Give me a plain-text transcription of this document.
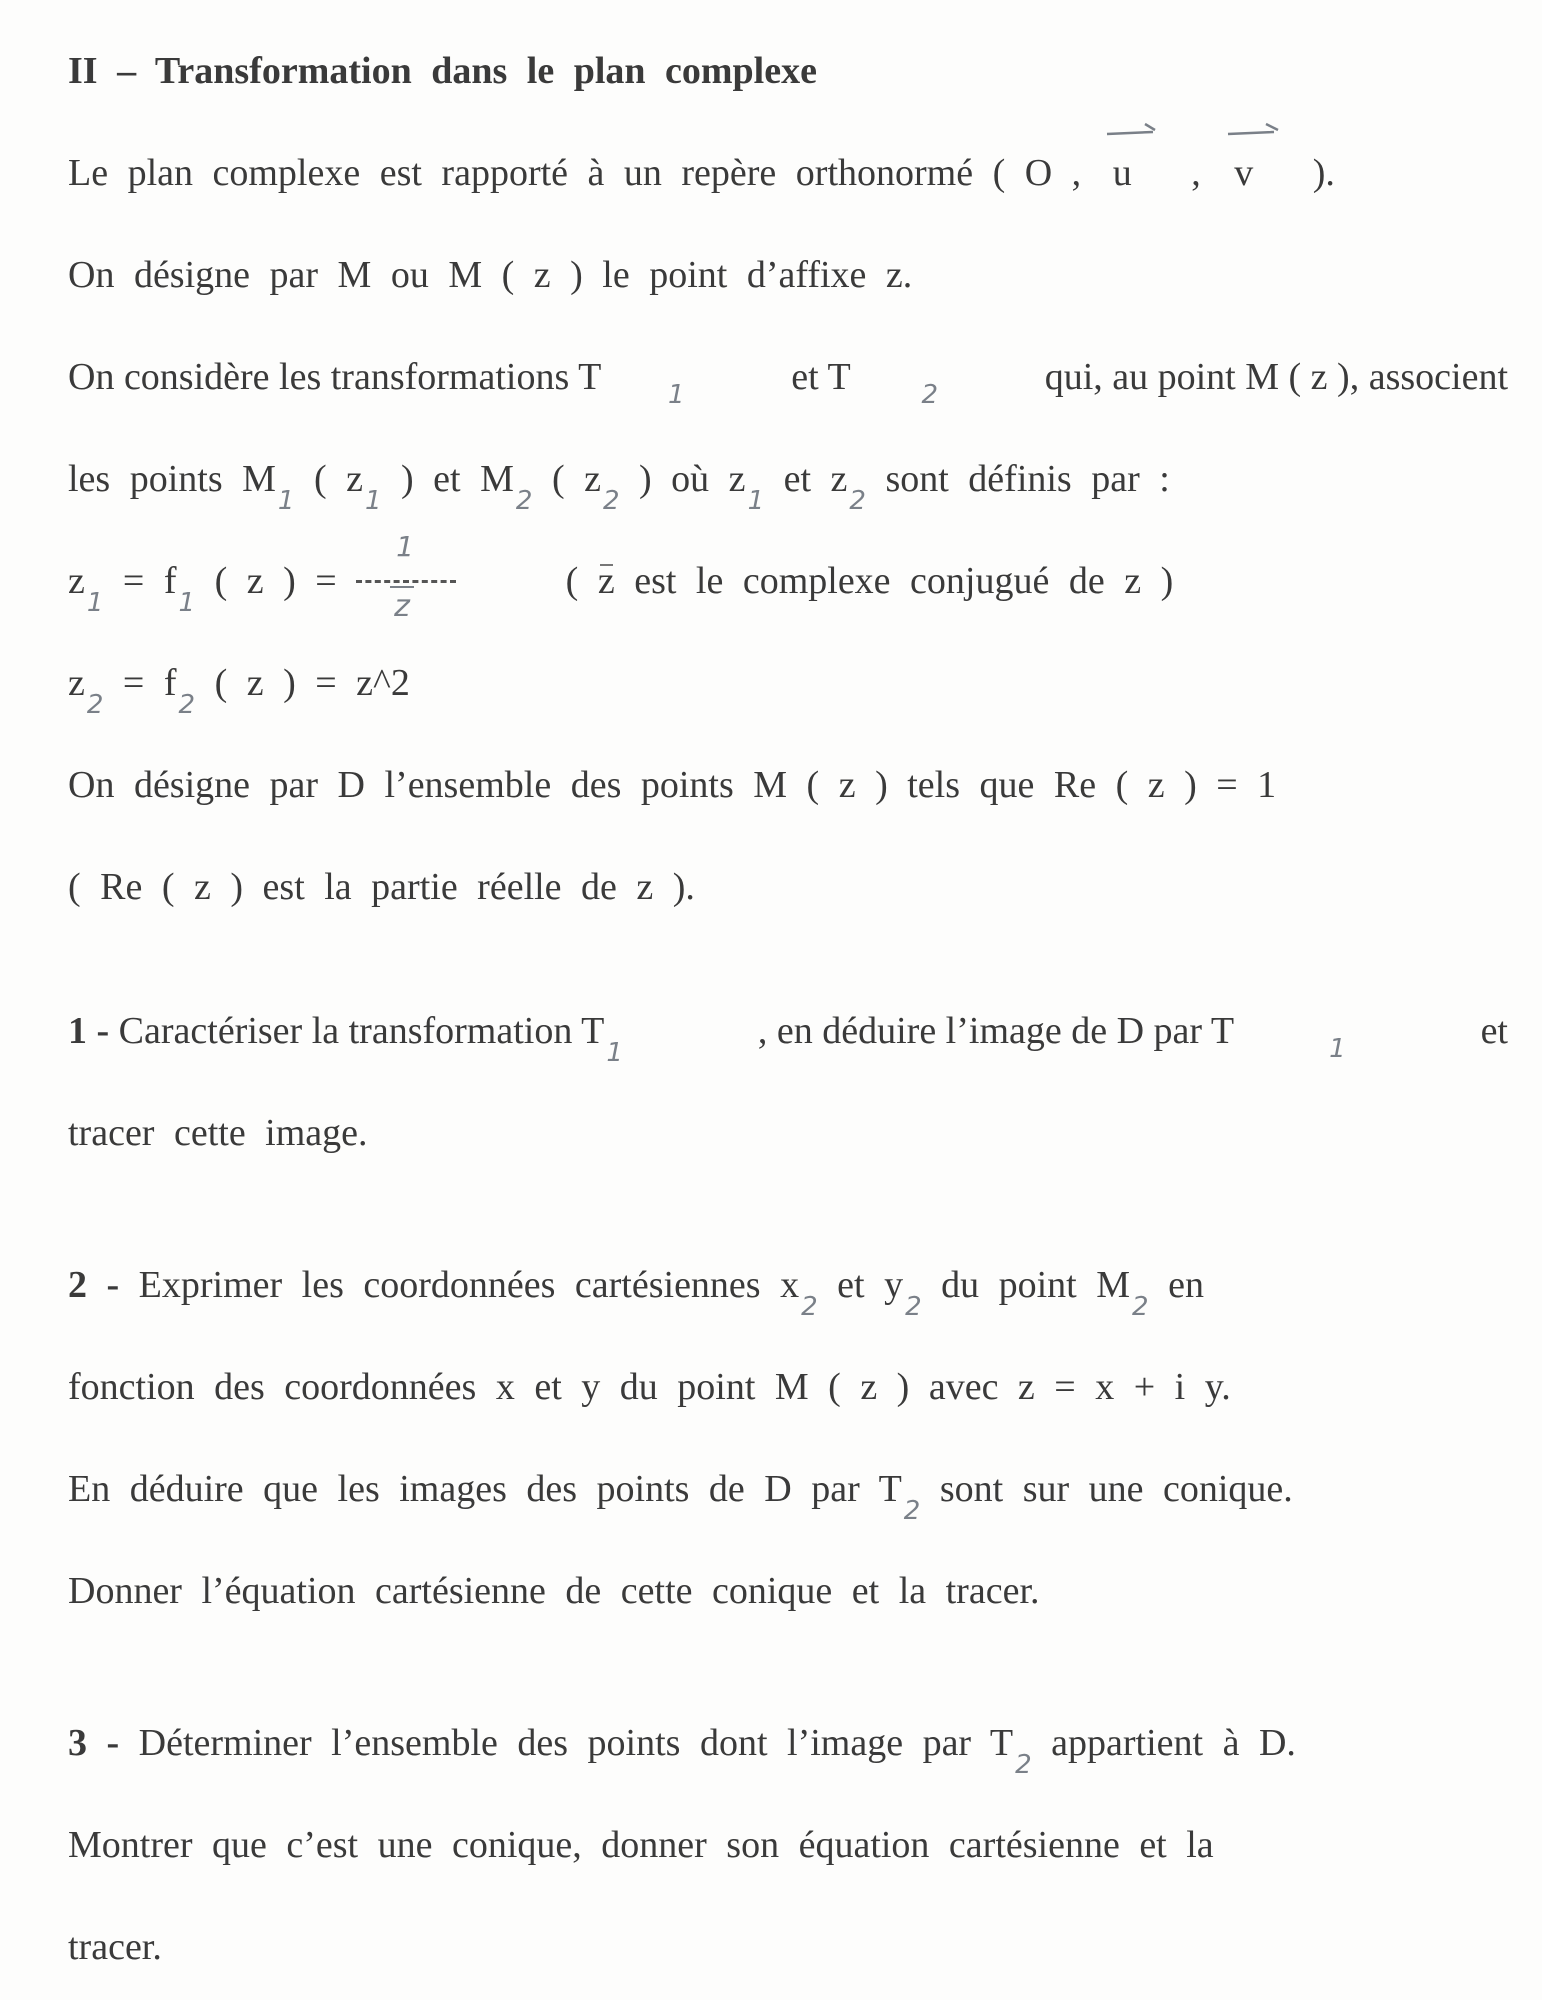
II – Transformation dans le plan complexe
Le plan complexe est rapporté à un repère orthonormé ( O , u , v ).
On désigne par M ou M ( z ) le point d’affixe z.
On considère les transformations T	1	et T	2	qui, au point M ( z ), associent
les points $M_1$ ( $z_1$ ) et $M_2$ ( $z_2$ ) où $z_1$ et $z_2$ sont définis par :
$z_1 = f_1$ ( z ) = $\frac{1}{z}$	( z est le complexe conjugué de z )
$z_2 = f_2$ ( z ) = z^2
On désigne par D l’ensemble des points M ( z ) tels que Re ( z ) = 1
( Re ( z ) est la partie réelle de z ).
1 - Caractériser la transformation $T_1$
, en déduire l’image de D par T	1	et
tracer cette image.
2 - Exprimer les coordonnées cartésiennes $x_2$ et $y_2$ du point $M_2$ en
fonction des coordonnées x et y du point M ( z ) avec z = x + i y.
En déduire que les images des points de D par $T_2$ sont sur une conique.
Donner l’équation cartésienne de cette conique et la tracer.
3 - Déterminer l’ensemble des points dont l’image par $T_2$ appartient à D.
Montrer que c’est une conique, donner son équation cartésienne et la
tracer.
